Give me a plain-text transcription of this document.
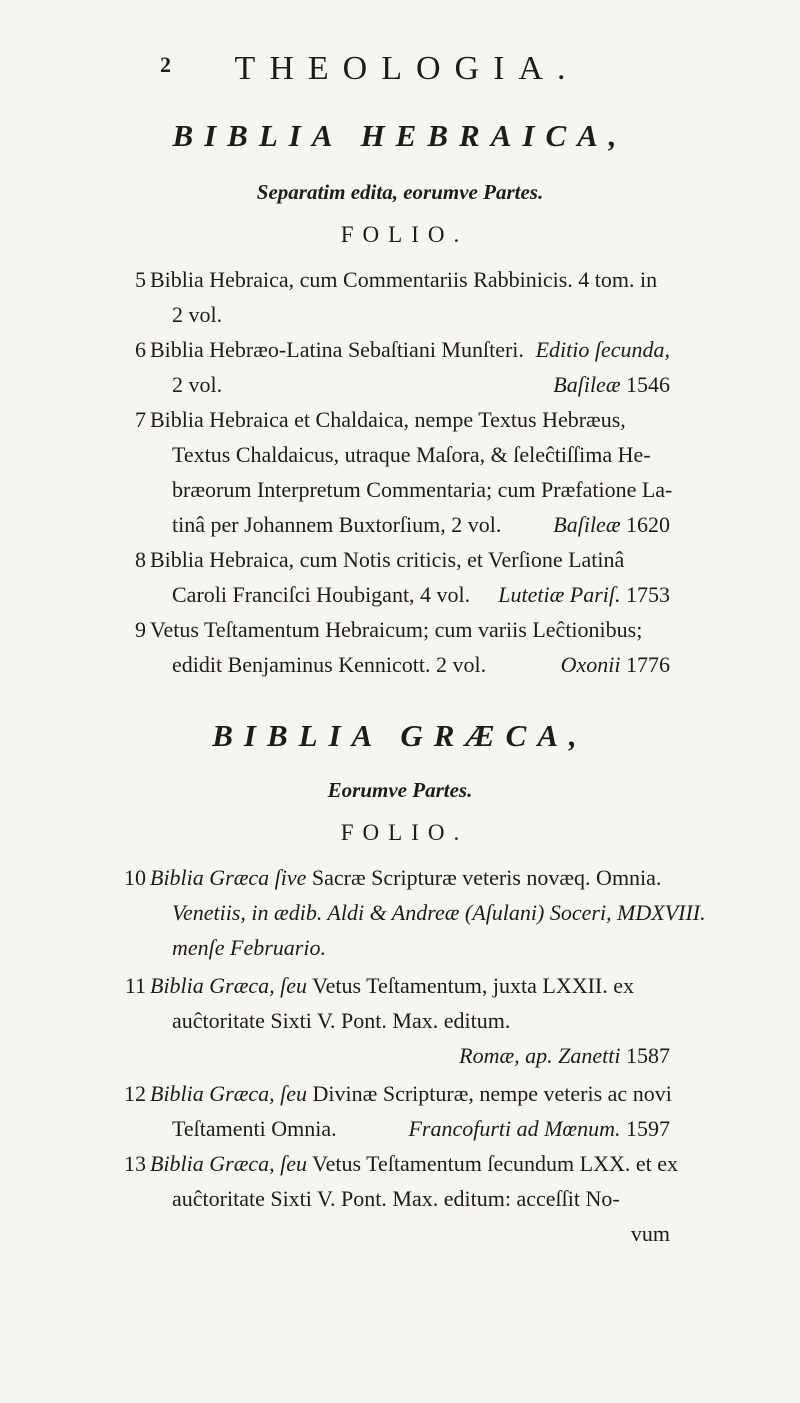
2	THEOLOGIA.
BIBLIA HEBRAICA,
Separatim edita, eorumve Partes.
FOLIO.
5 Biblia Hebraica, cum Commentariis Rabbinicis. 4 tom. in
2 vol.
6 Biblia Hebræo-Latina Sebaſtiani Munſteri. Editio ſecunda,
2 vol.	Baſileæ 1546
7 Biblia Hebraica et Chaldaica, nempe Textus Hebræus,
Textus Chaldaicus, utraque Maſora, & ſeleĉtiſſima He-
bræorum Interpretum Commentaria; cum Præfatione La-
tinâ per Johannem Buxtorſium, 2 vol. Baſileæ 1620
8 Biblia Hebraica, cum Notis criticis, et Verſione Latinâ
Caroli Franciſci Houbigant, 4 vol. Lutetiæ Pariſ. 1753
9 Vetus Teſtamentum Hebraicum; cum variis Leĉtionibus;
edidit Benjaminus Kennicott. 2 vol.	Oxonii 1776
BIBLIA GRÆCA,
Eorumve Partes.
FOLIO.
10 Biblia Græca ſive Sacræ Scripturæ veteris novæq. Omnia.
Venetiis, in ædib. Aldi & Andreæ (Aſulani) Soceri, MDXVIII.
menſe Februario.
11 Biblia Græca, ſeu Vetus Teſtamentum, juxta LXXII. ex
auĉtoritate Sixti V. Pont. Max. editum.
Romæ, ap. Zanetti 1587
12 Biblia Græca, ſeu Divinæ Scripturæ, nempe veteris ac novi
Teſtamenti Omnia.	Francofurti ad Mœnum. 1597
13 Biblia Græca, ſeu Vetus Teſtamentum ſecundum LXX. et ex
auĉtoritate Sixti V. Pont. Max. editum: acceſſit No-
vum
